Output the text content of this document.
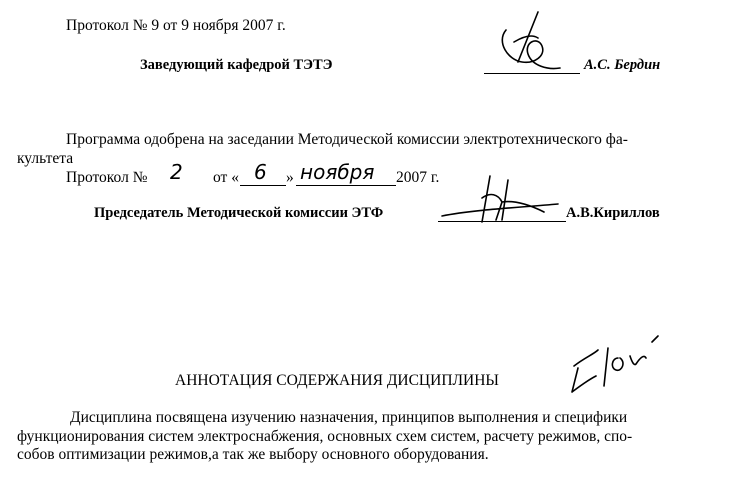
Протокол № 9 от 9 ноября 2007 г.
Заведующий кафедрой ТЭТЭ	А.С. Бердин
Программа одобрена на заседании Методической комиссии электротехнического фа-
культета
Протокол № 2 от « 6 » ноября 2007 г.
Председатель Методической комиссии ЭТФ	А.В.Кириллов
АННОТАЦИЯ СОДЕРЖАНИЯ ДИСЦИПЛИНЫ
Дисциплина посвящена изучению назначения, принципов выполнения и специфики
функционирования систем электроснабжения, основных схем систем, расчету режимов, спо-
собов оптимизации режимов,а так же выбору основного оборудования.
